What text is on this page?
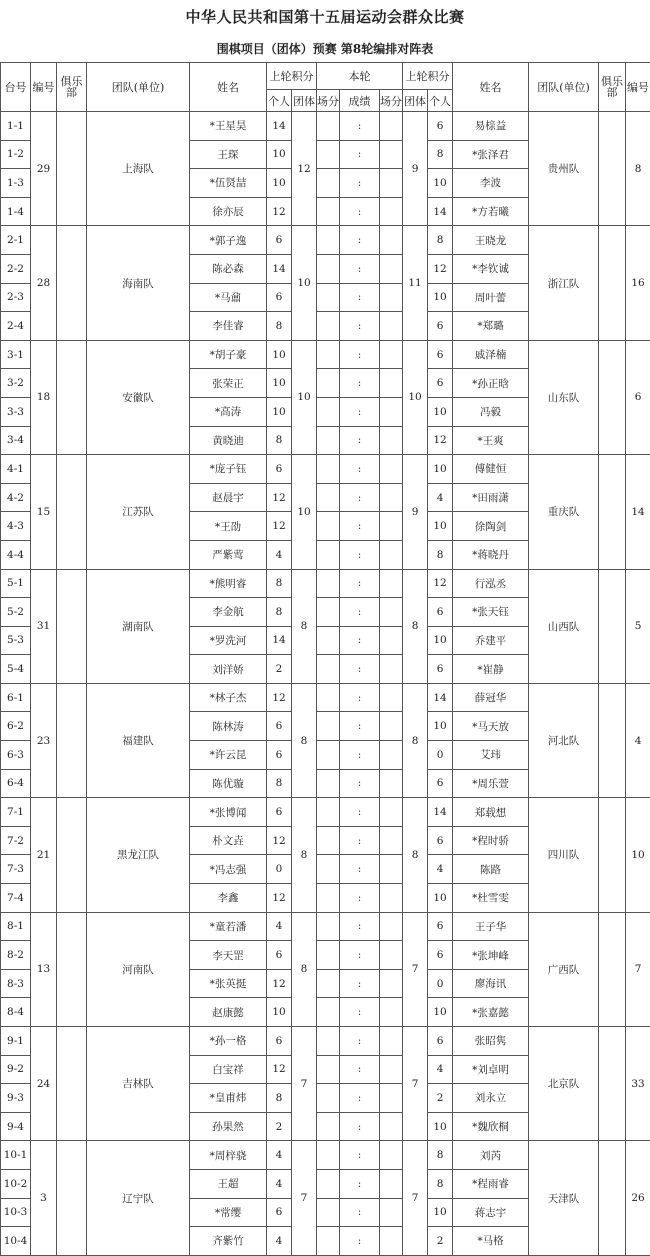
中华人民共和国第十五届运动会群众比赛
围棋项目（团体）预赛 第8轮编排对阵表
台号	编号	俱乐部	团队(单位)	姓名	上轮积分		本轮			上轮积分		姓名	团队(单位)	俱乐部	编号
					个人	团体	场分	成绩	场分	团体	个人				
1-1	29		上海队	*王星昊	14	12		:		9	6	易榇益	贵州队		8
1-2				王琛	10			:			8	*张泽君			
1-3				*伍贤喆	10			:			10	李波			
1-4				徐亦辰	12			:			14	*方若曦			
2-1	28		海南队	*郭子逸	6	10		:		11	8	王晓龙	浙江队		16
2-2				陈必森	14			:			12	*李钦诚			
2-3				*马鼐	6			:			10	周叶蕾			
2-4				李佳睿	8			:			6	*郑璐			
3-1	18		安徽队	*胡子豪	10	10		:		10	6	戚泽楠	山东队		6
3-2				张荣正	10			:			6	*孙正晗			
3-3				*高涛	10			:			10	冯毅			
3-4				黄晓迪	8			:			12	*王爽			
4-1	15		江苏队	*庞子钰	6	10		:		9	10	傅健恒	重庆队		14
4-2				赵晨宇	12			:			4	*田雨潇			
4-3				*王劭	12			:			10	徐陶剑			
4-4				严紫莺	4			:			8	*蒋晓丹			
5-1	31		湖南队	*熊明睿	8	8		:		8	12	行泓丞	山西队		5
5-2				李金航	8			:			6	*张天钰			
5-3				*罗洗河	14			:			10	乔建平			
5-4				刘洋娇	2			:			6	*崔静			
6-1	23		福建队	*林子杰	12	8		:		8	14	薛冠华	河北队		4
6-2				陈林涛	6			:			10	*马天放			
6-3				*许云昆	6			:			0	艾玮			
6-4				陈优璇	8			:			6	*周乐萱			
7-1	21		黑龙江队	*张博闻	6	8		:		8	14	郑载想	四川队		10
7-2				朴文垚	12			:			6	*程时骄			
7-3				*冯志强	0			:			4	陈路			
7-4				李鑫	12			:			10	*杜雪雯			
8-1	13		河南队	*童若潘	4	8		:		7	6	王子华	广西队		7
8-2				李天罡	6			:			6	*张坤峰			
8-3				*张英挺	12			:			0	廖海讯			
8-4				赵康懿	10			:			10	*张嘉懿			
9-1	24		吉林队	*孙一格	6	7		:		7	6	张昭隽	北京队		33
9-2				白宝祥	12			:			4	*刘卓明			
9-3				*皇甫炜	8			:			2	刘永立			
9-4				孙果然	2			:			10	*魏欣桐			
10-1	3		辽宁队	*周梓骁	4	7		:		7	8	刘芮	天津队		26
10-2				王超	4			:			8	*程雨睿			
10-3				*常缨	6			:			10	蒋志宇			
10-4				齐紫竹	4			:			2	*马格			
